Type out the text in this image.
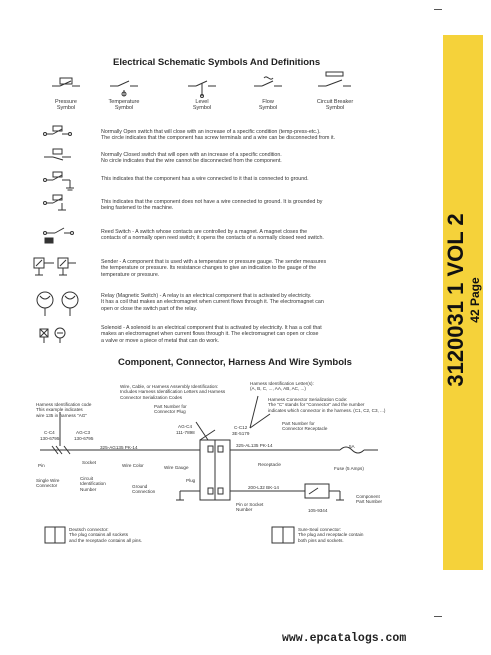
3120031 1 VOL 2 42 Page
Electrical Schematic Symbols And Definitions
Pressure
Symbol
Temperature
Symbol
Level
Symbol
Flow
Symbol
Circuit Breaker
Symbol
Normally Open switch that will close with an increase of a specific condition (temp-press-etc.).
The circle indicates that the component has screw terminals and a wire can be disconnected from it.
Normally Closed switch that will open with an increase of a specific condition.
No circle indicates that the wire cannot be disconnected from the component.
This indicates that the component has a wire connected to it that is connected to ground.
This indicates that the component does not have a wire connected to ground. It is grounded by
being fastened to the machine.
Reed Switch - A switch whose contacts are controlled by a magnet. A magnet closes the
contacts of a normally open reed switch; it opens the contacts of a normally closed reed switch.
Sender - A component that is used with a temperature or pressure gauge. The sender measures
the temperature or pressure. Its resistance changes to give an indication to the gauge of the
temperature or pressure.
Relay (Magnetic Switch) - A relay is an electrical component that is activated by electricity.
It has a coil that makes an electromagnet when current flows through it. The electromagnet can
open or close the switch part of the relay.
Solenoid - A solenoid is an electrical component that is activated by electricity. It has a coil that
makes an electromagnet when current flows through it. The electromagnet can open or close
a valve or move a piece of metal that can do work.
Component, Connector, Harness And Wire Symbols
Harness Identification code
This example indicates
wire 135 in harness "AG"
C-C4
130-6795
AG-C3
130-6795
325-AG135 PK-14
Pin
Socket
Single Wire
Connector
Circuit
Identification
Number
Wire Color	Wire Gauge
Wire, Cable, or Harness Assembly Identification:
Includes Harness Identification Letters and Harness
Connector Serialization Codes
Part Number for
Connector Plug
AG-C4
111-7898
Ground
Connection
Plug
Pin or Socket
Number
Harness Identification Letter(s):
(A, B, C, ..., AA, AB, AC, ...)
Harness Connector Serialization Code:
The "C" stands for "Connector" and the number
indicates which connector in the harness. (C1, C2, C3, ...)
Part Number for
Connector Receptacle
C-C12
3E-5179
325-AL135 PK-14
Receptacle
5A
Fuse (5 Amps)
200-L32 BK-14
Component
Part Number
105-9344
Deutsch connector:
The plug contains all sockets
and the receptacle contains all pins.
Sure-Seal connector:
The plug and receptacle contain
both pins and sockets.
www.epcatalogs.com
